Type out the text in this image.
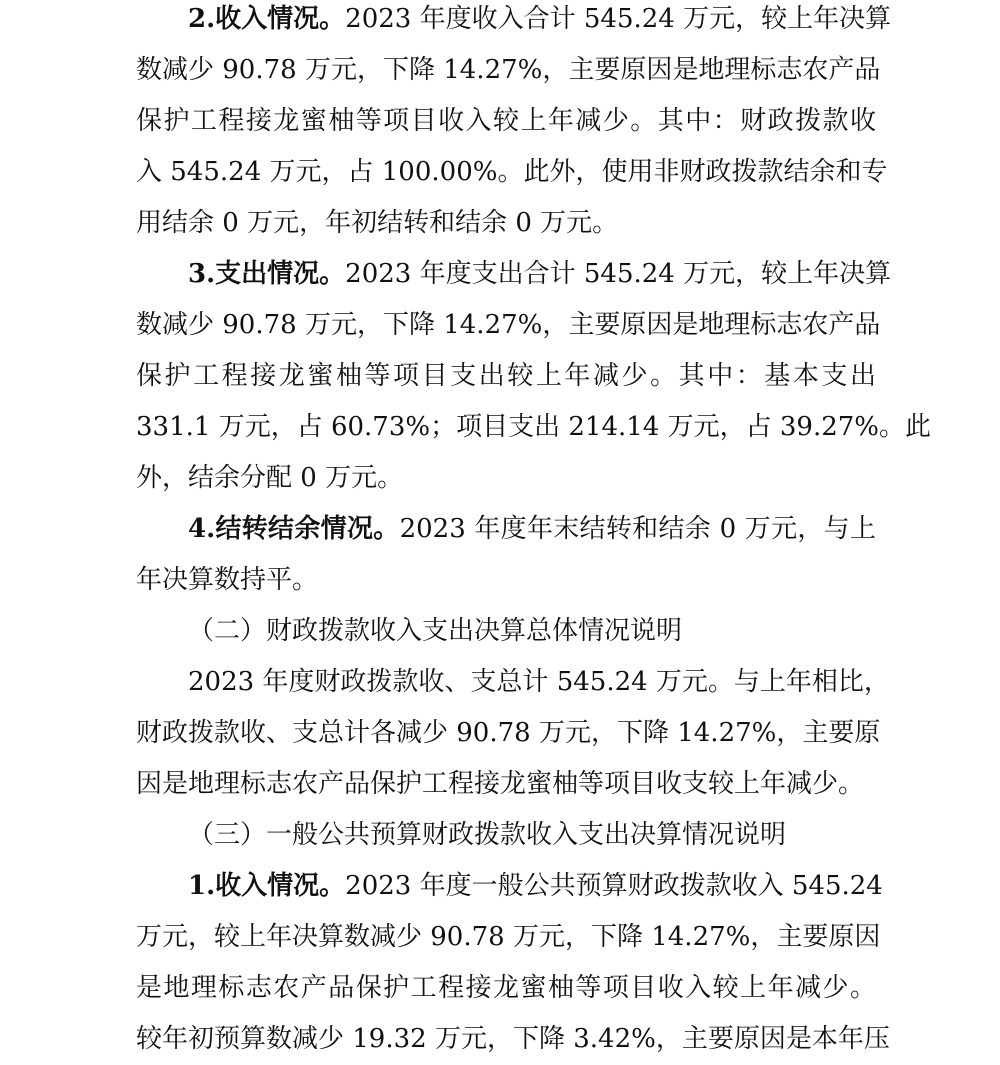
2.收入情况。2023 年度收入合计 545.24 万元，较上年决算
数减少 90.78 万元，下降 14.27%，主要原因是地理标志农产品
保护工程接龙蜜柚等项目收入较上年减少。其中：财政拨款收
入 545.24 万元，占 100.00%。此外，使用非财政拨款结余和专
用结余 0 万元，年初结转和结余 0 万元。
3.支出情况。2023 年度支出合计 545.24 万元，较上年决算
数减少 90.78 万元，下降 14.27%，主要原因是地理标志农产品
保护工程接龙蜜柚等项目支出较上年减少。其中：基本支出
331.1 万元，占 60.73%；项目支出 214.14 万元，占 39.27%。此
外，结余分配 0 万元。
4.结转结余情况。2023 年度年末结转和结余 0 万元，与上
年决算数持平。
（二）财政拨款收入支出决算总体情况说明
2023 年度财政拨款收、支总计 545.24 万元。与上年相比，
财政拨款收、支总计各减少 90.78 万元，下降 14.27%，主要原
因是地理标志农产品保护工程接龙蜜柚等项目收支较上年减少。
（三）一般公共预算财政拨款收入支出决算情况说明
1.收入情况。2023 年度一般公共预算财政拨款收入 545.24
万元，较上年决算数减少 90.78 万元，下降 14.27%，主要原因
是地理标志农产品保护工程接龙蜜柚等项目收入较上年减少。
较年初预算数减少 19.32 万元，下降 3.42%，主要原因是本年压
